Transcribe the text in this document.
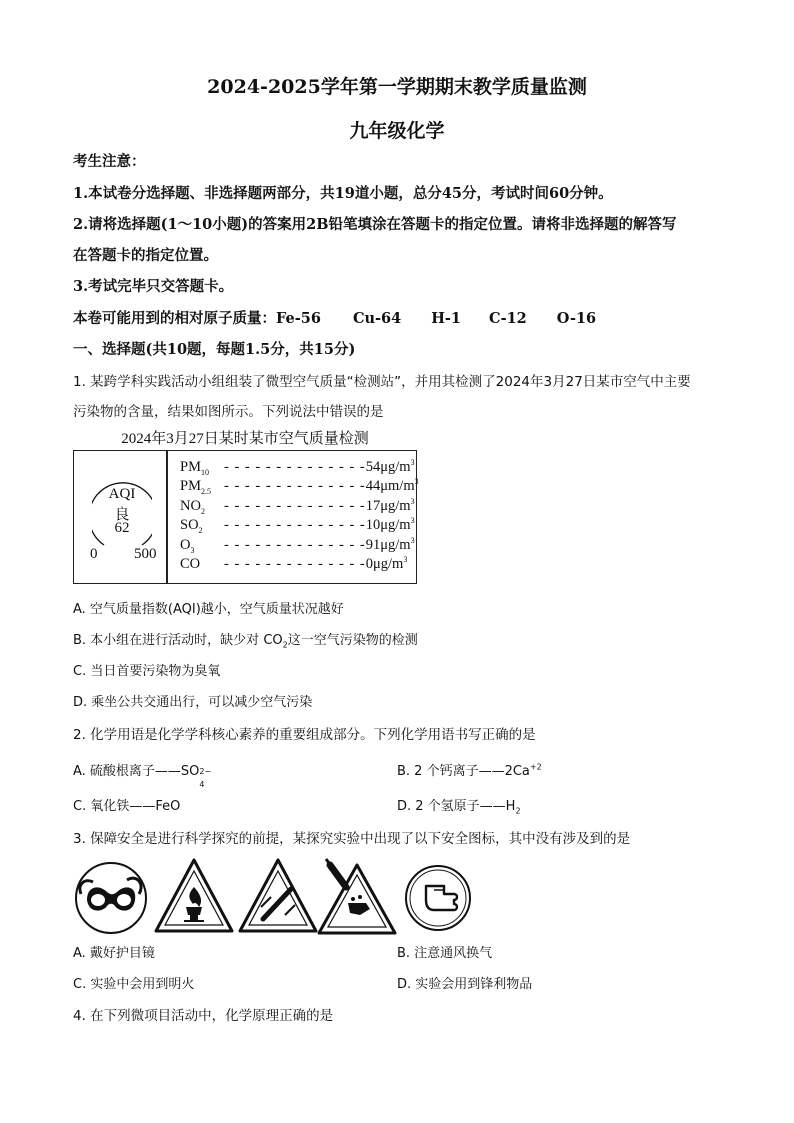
2024-2025学年第一学期期末教学质量监测
九年级化学
考生注意：
1.本试卷分选择题、非选择题两部分，共19道小题，总分45分，考试时间60分钟。
2.请将选择题(1～10小题)的答案用2B铅笔填涂在答题卡的指定位置。请将非选择题的解答写
在答题卡的指定位置。
3.考试完毕只交答题卡。
本卷可能用到的相对原子质量：Fe-56 Cu-64 H-1 C-12 O-16
一、选择题(共10题，每题1.5分，共15分)
1. 某跨学科实践活动小组组装了微型空气质量“检测站”，并用其检测了2024年3月27日某市空气中主要
污染物的含量，结果如图所示。下列说法中错误的是
2024年3月27日某时某市空气质量检测
AQI
良
62
0 500
$PM_{10}$ - - - - - - - - - - - - - $-54\mu g/m^3$
$PM_{2.5}$ - - - - - - - - - - - - - $-44\mu m/m^3$
$NO_2$ - - - - - - - - - - - - - $-17\mu g/m^3$
$SO_2$ - - - - - - - - - - - - - $-10\mu g/m^3$
$O_3$ - - - - - - - - - - - - - $-91\mu g/m^3$
CO - - - - - - - - - - - - - $-0\mu g/m^3$
A. 空气质量指数(AQI)越小，空气质量状况越好
B. 本小组在进行活动时，缺少对 $CO_2$这一空气污染物的检测
C. 当日首要污染物为臭氧
D. 乘坐公共交通出行，可以减少空气污染
2. 化学用语是化学学科核心素养的重要组成部分。下列化学用语书写正确的是
A. 硫酸根离子——SO 2−
4
B. 2 个钙离子$——2Ca^{+2}$
C. 氧化铁——FeO	D. 2 个氢原子$——H_2$
3. 保障安全是进行科学探究的前提，某探究实验中出现了以下安全图标，其中没有涉及到的是
A. 戴好护目镜	B. 注意通风换气
C. 实验中会用到明火	D. 实验会用到锋利物品
4. 在下列微项目活动中，化学原理正确的是
